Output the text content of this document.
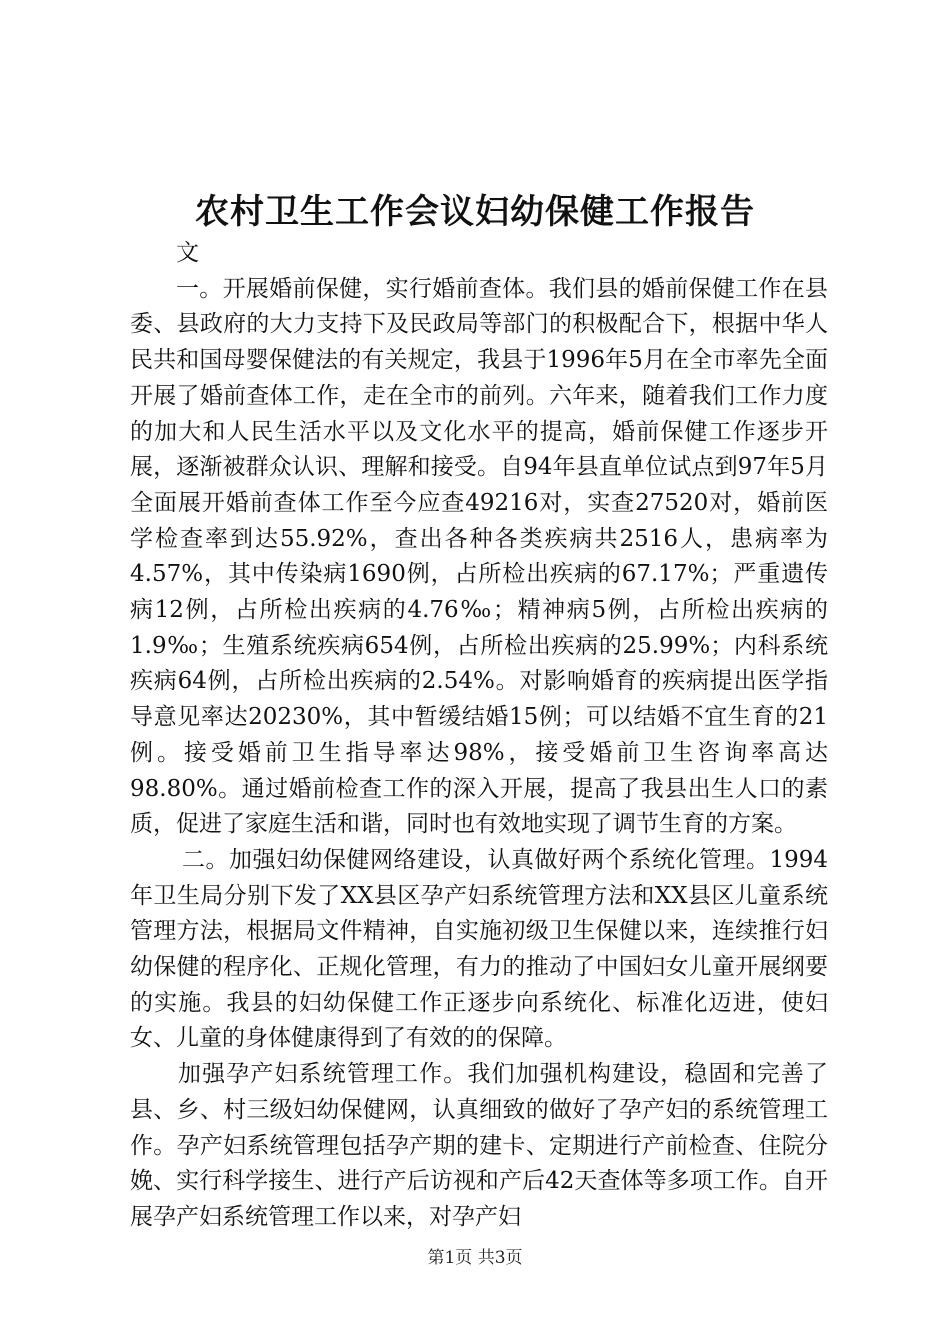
农村卫生工作会议妇幼保健工作报告

文

一。开展婚前保健，实行婚前查体。我们县的婚前保健工作在县委、县政府的大力支持下及民政局等部门的积极配合下，根据中华人民共和国母婴保健法的有关规定，我县于1996年5月在全市率先全面开展了婚前查体工作，走在全市的前列。六年来，随着我们工作力度的加大和人民生活水平以及文化水平的提高，婚前保健工作逐步开展，逐渐被群众认识、理解和接受。自94年县直单位试点到97年5月全面展开婚前查体工作至今应查49216对，实查27520对，婚前医学检查率到达55.92%，查出各种各类疾病共2516人，患病率为4.57%，其中传染病1690例，占所检出疾病的67.17%；严重遗传病12例，占所检出疾病的4.76‰；精神病5例，占所检出疾病的1.9‰；生殖系统疾病654例，占所检出疾病的25.99%；内科系统疾病64例，占所检出疾病的2.54%。对影响婚育的疾病提出医学指导意见率达20230%，其中暂缓结婚15例；可以结婚不宜生育的21例。接受婚前卫生指导率达98%，接受婚前卫生咨询率高达98.80%。通过婚前检查工作的深入开展，提高了我县出生人口的素质，促进了家庭生活和谐，同时也有效地实现了调节生育的方案。

二。加强妇幼保健网络建设，认真做好两个系统化管理。1994年卫生局分别下发了XX县区孕产妇系统管理方法和XX县区儿童系统管理方法，根据局文件精神，自实施初级卫生保健以来，连续推行妇幼保健的程序化、正规化管理，有力的推动了中国妇女儿童开展纲要的实施。我县的妇幼保健工作正逐步向系统化、标准化迈进，使妇女、儿童的身体健康得到了有效的的保障。

加强孕产妇系统管理工作。我们加强机构建设，稳固和完善了县、乡、村三级妇幼保健网，认真细致的做好了孕产妇的系统管理工作。孕产妇系统管理包括孕产期的建卡、定期进行产前检查、住院分娩、实行科学接生、进行产后访视和产后42天查体等多项工作。自开展孕产妇系统管理工作以来，对孕产妇

第1页 共3页
